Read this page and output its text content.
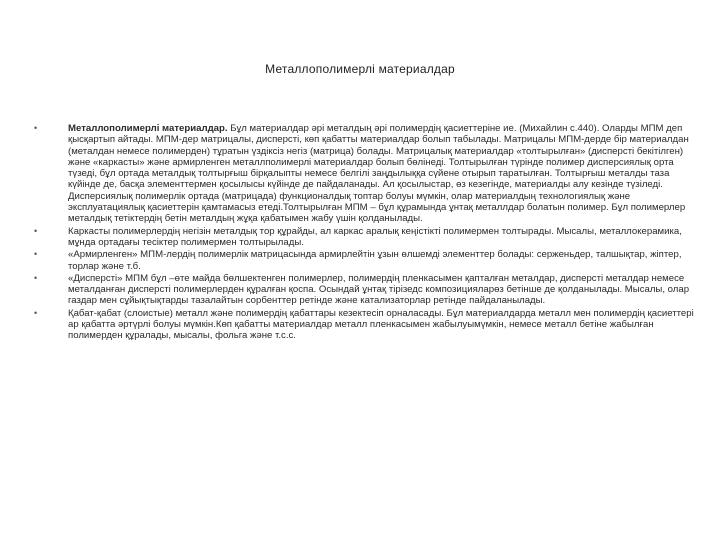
Металлополимерлі материалдар
•	Металлополимерлі материалдар. Бұл материалдар әрі металдың әрі полимердің қасиеттеріне ие. (Михайлин с.440). Оларды МПМ деп қысқартып айтады. МПМ-дер матрицалы, дисперсті, көп қабатты материалдар болып табылады. Матрицалы МПМ-дерде бір материалдан (металдан немесе полимерден) тұратын үздіксіз негіз (матрица) болады. Матрицалық материалдар «толтырылған» (дисперсті бекітілген) және «каркасты» және армирленген металлполимерлі материалдар болып бөлінеді. Толтырылған түрінде полимер дисперсиялық орта түзеді, бұл ортада металдық толтырғыш бірқалыпты немесе белгілі заңдылыққа сүйене отырып таратылған. Толтырғыш металды таза күйінде де, басқа элементтермен қосылысы күйінде де пайдаланады. Ал қосылыстар, өз кезегінде, материалды алу кезінде түзіледі. Дисперсиялық полимерлік ортада (матрицада) функционалдық топтар болуы мүмкін, олар материалдың технологиялық және эксплуатациялық қасиеттерін қамтамасыз етеді.Толтырылған МПМ – бұл құрамында ұнтақ металлдар болатын полимер. Бұл полимерлер металдық тетіктердің бетін металдың жұқа қабатымен жабу үшін қолданылады.
•	Каркасты полимерлердің негізін металдық тор құрайды, ал каркас аралық кеңістікті полимермен толтырады. Мысалы, металлокерамика, мұнда ортадағы тесіктер полимермен толтырылады.
•	«Армирленген» МПМ-лердің полимерлік матрицасында армирлейтін ұзын өлшемді элементтер болады: серженьдер, талшықтар, жіптер, торлар және т.б.
•	«Дисперсті» МПМ бұл –өте майда бөлшектенген полимерлер, полимердің пленкасымен қапталған металдар, дисперсті металдар немесе металданған дисперсті полимерлерден құралған қоспа. Осындай ұнтақ тірізедс композицияларөз бетінше де қолданылады. Мысалы, олар газдар мен сұйықтықтарды тазалайтын сорбенттер ретінде және катализаторлар ретінде пайдаланылады.
•	Қабат-қабат (слоистые) металл және полимердің қабаттары кезектесіп орналасады. Бұл материалдарда металл мен полимердің қасиеттері ар қабатта әртүрлі болуы мүмкін.Көп қабатты материалдар металл пленкасымен жабылуымүмкін, немесе металл бетіне жабылған полимерден құралады, мысалы, фольга және т.с.с.
